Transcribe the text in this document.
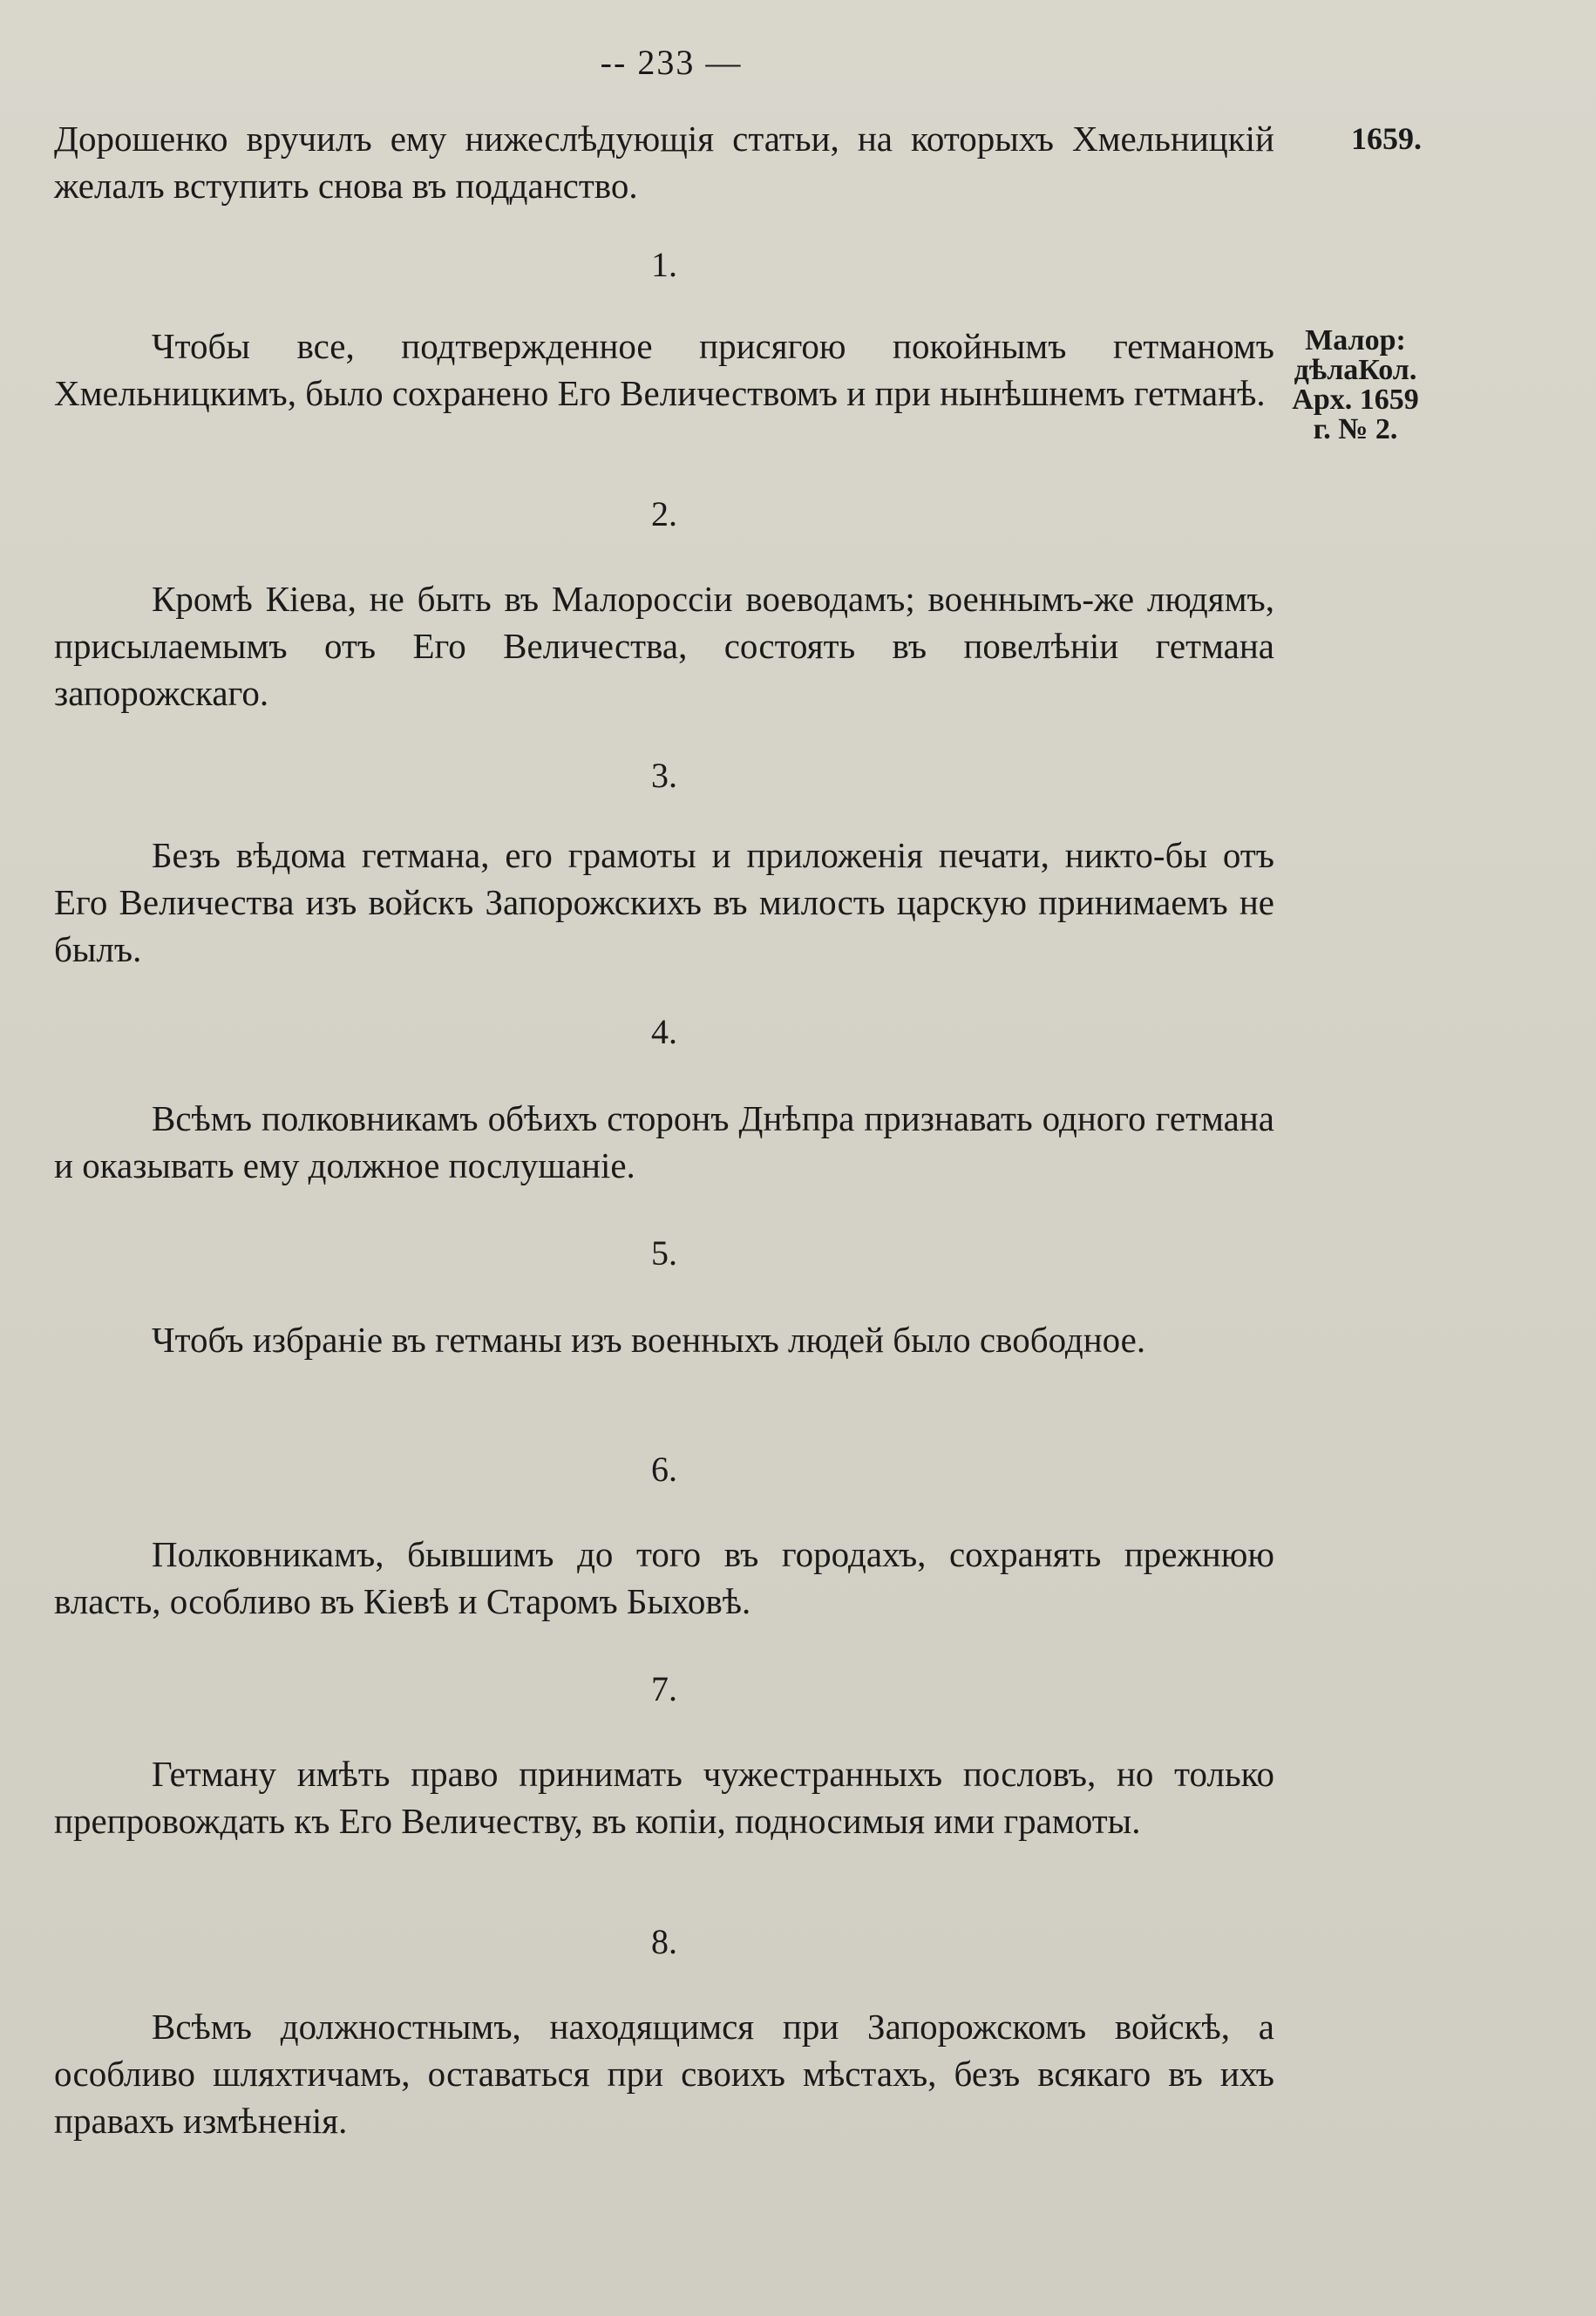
-- 233 —
1659.
Малор:
дѣлаКол.
Арх. 1659
г. № 2.

Дорошенко вручилъ ему нижеслѣдующія статьи, на которыхъ Хмельницкій желалъ вступить снова въ подданство.

1.

Чтобы все, подтвержденное присягою покойнымъ гетманомъ Хмельницкимъ, было сохранено Его Величествомъ и при нынѣшнемъ гетманѣ.

2.

Кромѣ Кіева, не быть въ Малороссіи воеводамъ; военнымъ-же людямъ, присылаемымъ отъ Его Величества, состоять въ повелѣніи гетмана запорожскаго.

3.

Безъ вѣдома гетмана, его грамоты и приложенія печати, никто-бы отъ Его Величества изъ войскъ Запорожскихъ въ милость царскую принимаемъ не былъ.

4.

Всѣмъ полковникамъ обѣихъ сторонъ Днѣпра признавать одного гетмана и оказывать ему должное послушаніе.

5.

Чтобъ избраніе въ гетманы изъ военныхъ людей было свободное.

6.

Полковникамъ, бывшимъ до того въ городахъ, сохранять прежнюю власть, особливо въ Кіевѣ и Старомъ Быховѣ.

7.

Гетману имѣть право принимать чужестранныхъ пословъ, но только препровождать къ Его Величеству, въ копіи, подносимыя ими грамоты.

8.

Всѣмъ должностнымъ, находящимся при Запорожскомъ войскѣ, а особливо шляхтичамъ, оставаться при своихъ мѣстахъ, безъ всякаго въ ихъ правахъ измѣненія.
